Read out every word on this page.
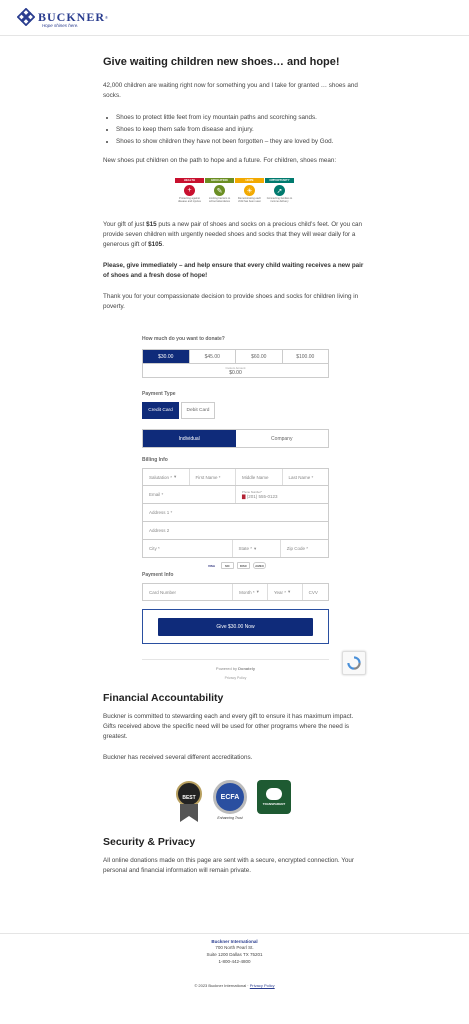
BUCKNER ®
Hope shines here.
Give waiting children new shoes… and hope!

42,000 children are waiting right now for something you and I take for granted … shoes and socks.

• Shoes to protect little feet from icy mountain paths and scorching sands.
• Shoes to keep them safe from disease and injury.
• Shoes to show children they have not been forgotten – they are loved by God.

New shoes put children on the path to hope and a future. For children, shoes mean:

HEALTH
+
Protecting against disease and injuries
EDUCATION
✎
Limiting barriers to school attendance
HOPE
☀
Demonstrating each child has been seen
OPPORTUNITY
➚
Connecting families to income delivery

Your gift of just $15 puts a new pair of shoes and socks on a precious child’s feet. Or you can provide seven children with urgently needed shoes and socks that they will wear daily for a generous gift of $105.

Please, give immediately – and help ensure that every child waiting receives a new pair of shoes and a fresh dose of hope!

Thank you for your compassionate decision to provide shoes and socks for children living in poverty.

How much do you want to donate?
$30.00	$45.00	$60.00	$100.00
Custom Amount
$0.00
Payment Type
Credit Card	Debit Card
Individual	Company
Billing Info
Salutation * ▾	First Name *	Middle Name	Last Name *
Email *
Phone Number*
▇ (201) 555-0123
Address 1 *
Address 2
City *	State * ▾	Zip Code *
VISA	MC	DISC	AMEX
Payment Info
Card Number	Month * ▾	Year * ▾	CVV
Give $30.00 Now
Powered by Donately
Privacy Policy
Financial Accountability

Buckner is committed to stewarding each and every gift to ensure it has maximum impact. Gifts received above the specific need will be used for other programs where the need is greatest.

Buckner has received several different accreditations.

BEST	ECFA
Enhancing Trust
TRANSPARENT
Security & Privacy

All online donations made on this page are sent with a secure, encrypted connection. Your personal and financial information will remain private.

Buckner International
700 North Pearl St.
Suite 1200 Dallas TX 75201
1-800-442-4800
© 2023 Buckner International · Privacy Policy
